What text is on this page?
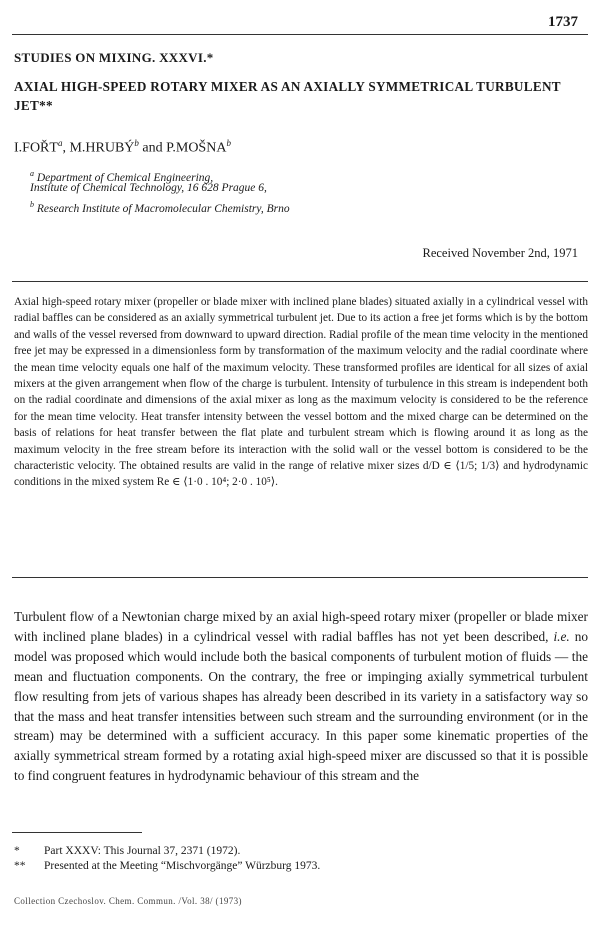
1737
STUDIES ON MIXING. XXXVI.*
AXIAL HIGH-SPEED ROTARY MIXER AS AN AXIALLY SYMMETRICAL TURBULENT JET**
I.FOŘT$^a$, M.HRUBÝ$^b$ and P.MOŠNA$^b$
$^a$ Department of Chemical Engineering,
Institute of Chemical Technology, 16 628 Prague 6,
$^b$ Research Institute of Macromolecular Chemistry, Brno
Received November 2nd, 1971

Axial high-speed rotary mixer (propeller or blade mixer with inclined plane blades) situated axially in a cylindrical vessel with radial baffles can be considered as an axially symmetrical turbulent jet. Due to its action a free jet forms which is by the bottom and walls of the vessel reversed from downward to upward direction. Radial profile of the mean time velocity in the mentioned free jet may be expressed in a dimensionless form by transformation of the maximum velocity and the radial coordinate where the mean time velocity equals one half of the maximum velocity. These transformed profiles are identical for all sizes of axial mixers at the given arrangement when flow of the charge is turbulent. Intensity of turbulence in this stream is independent both on the radial coordinate and dimensions of the axial mixer as long as the maximum velocity is considered to be the reference for the mean time velocity. Heat transfer intensity between the vessel bottom and the mixed charge can be determined on the basis of relations for heat transfer between the flat plate and turbulent stream which is flowing around it as long as the maximum velocity in the free stream before its interaction with the solid wall or the vessel bottom is considered to be the characteristic velocity. The obtained results are valid in the range of relative mixer sizes d/D ∈ ⟨1/5; 1/3⟩ and hydrodynamic conditions in the mixed system Re ∈ ⟨1·0 . 10⁴; 2·0 . 10⁵⟩.

Turbulent flow of a Newtonian charge mixed by an axial high-speed rotary mixer (propeller or blade mixer with inclined plane blades) in a cylindrical vessel with radial baffles has not yet been described, i.e. no model was proposed which would include both the basical components of turbulent motion of fluids — the mean and fluctuation components. On the contrary, the free or impinging axially symmetrical turbulent flow resulting from jets of various shapes has already been described in its variety in a satisfactory way so that the mass and heat transfer intensities between such stream and the surrounding environment (or in the stream) may be determined with a sufficient accuracy. In this paper some kinematic properties of the axially symmetrical stream formed by a rotating axial high-speed mixer are discussed so that it is possible to find congruent features in hydrodynamic behaviour of this stream and the

* Part XXXV: This Journal 37, 2371 (1972).
** Presented at the Meeting “Mischvorgänge” Würzburg 1973.
Collection Czechoslov. Chem. Commun. /Vol. 38/ (1973)
